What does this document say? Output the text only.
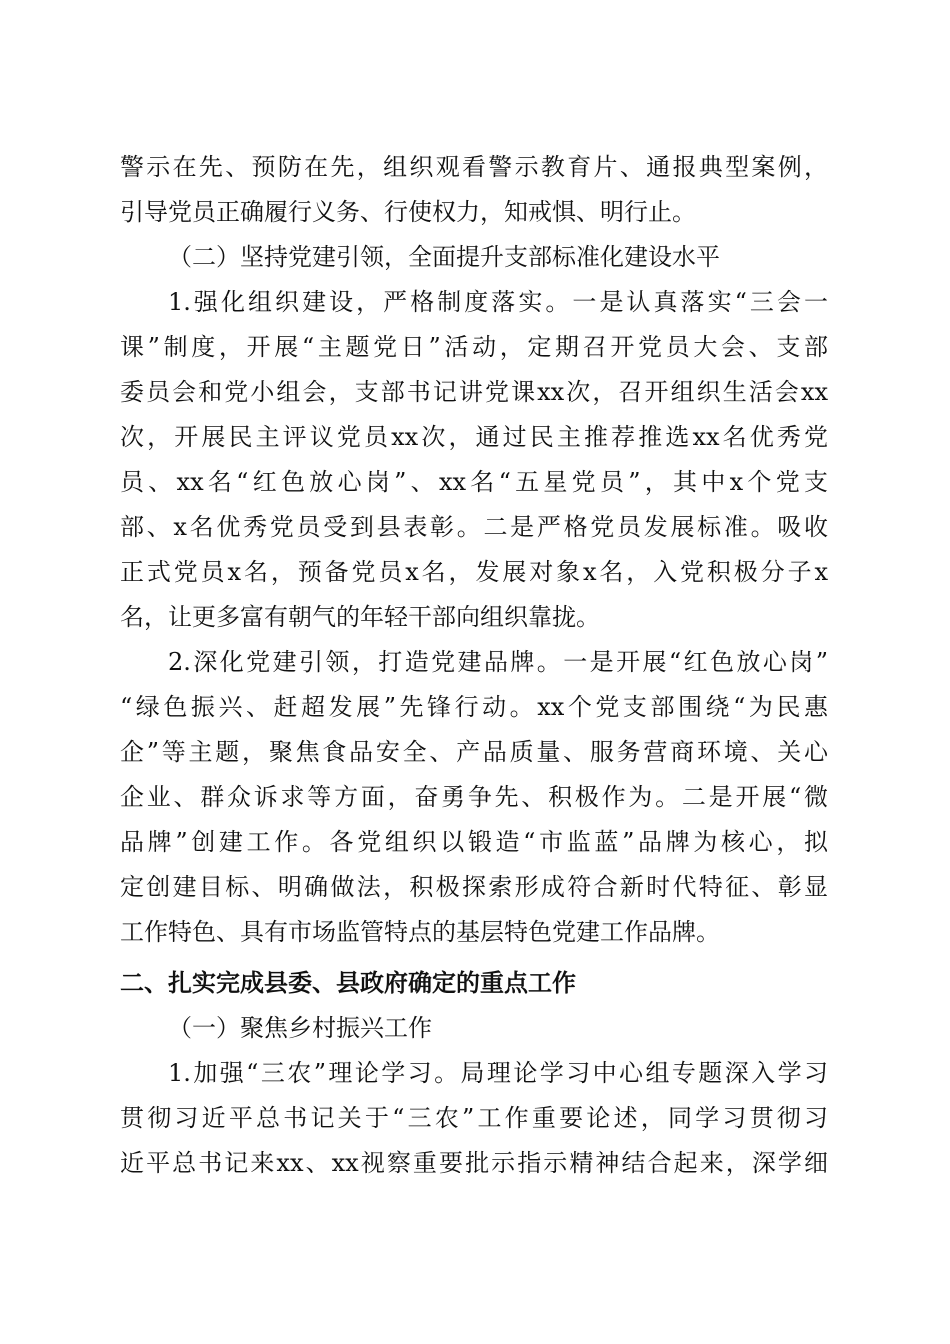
警示在先、预防在先，组织观看警示教育片、通报典型案例，
引导党员正确履行义务、行使权力，知戒惧、明行止。
（二）坚持党建引领，全面提升支部标准化建设水平
1.强化组织建设，严格制度落实。一是认真落实“三会一
课”制度，开展“主题党日”活动，定期召开党员大会、支部
委员会和党小组会，支部书记讲党课xx次，召开组织生活会xx
次，开展民主评议党员xx次，通过民主推荐推选xx名优秀党
员、xx名“红色放心岗”、xx名“五星党员”，其中x个党支
部、x名优秀党员受到县表彰。二是严格党员发展标准。吸收
正式党员x名，预备党员x名，发展对象x名，入党积极分子x
名，让更多富有朝气的年轻干部向组织靠拢。
2.深化党建引领，打造党建品牌。一是开展“红色放心岗”
“绿色振兴、赶超发展”先锋行动。xx个党支部围绕“为民惠
企”等主题，聚焦食品安全、产品质量、服务营商环境、关心
企业、群众诉求等方面，奋勇争先、积极作为。二是开展“微
品牌”创建工作。各党组织以锻造“市监蓝”品牌为核心，拟
定创建目标、明确做法，积极探索形成符合新时代特征、彰显
工作特色、具有市场监管特点的基层特色党建工作品牌。
二、扎实完成县委、县政府确定的重点工作
（一）聚焦乡村振兴工作
1.加强“三农”理论学习。局理论学习中心组专题深入学习
贯彻习近平总书记关于“三农”工作重要论述，同学习贯彻习
近平总书记来xx、xx视察重要批示指示精神结合起来，深学细
